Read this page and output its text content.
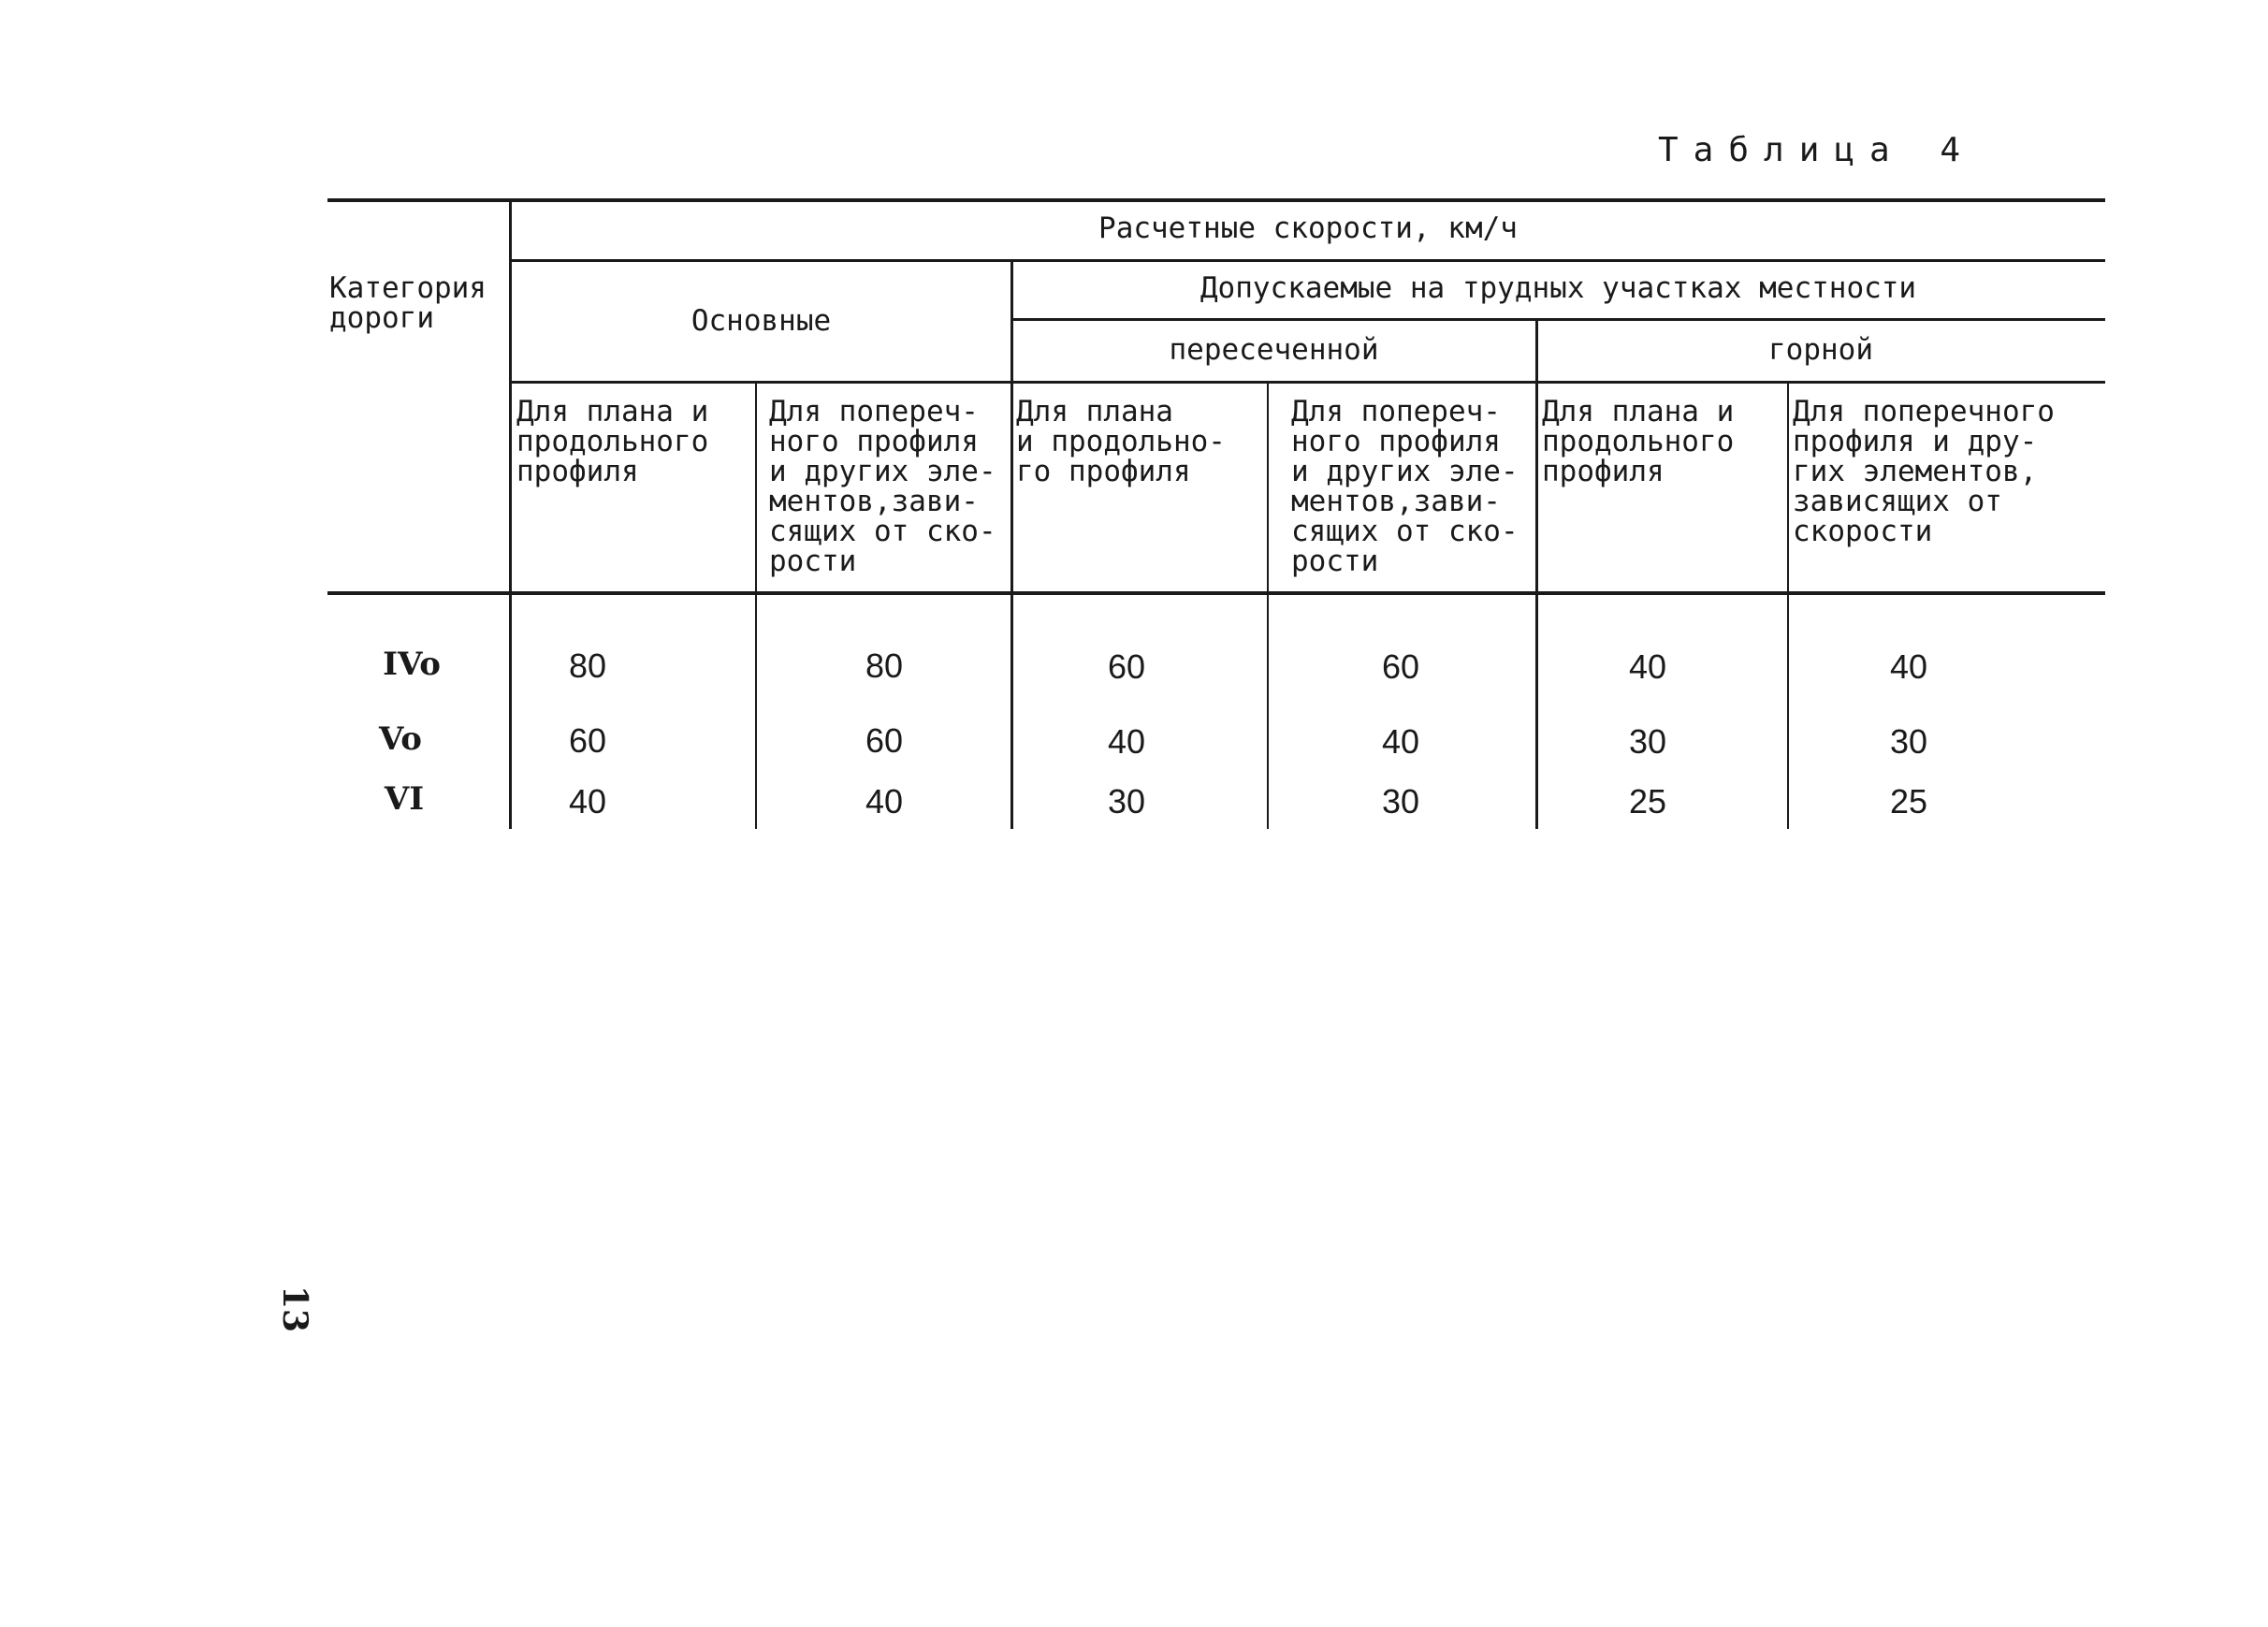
Таблица 4
Категория
дороги
Расчетные скорости, км/ч
Основные
Допускаемые на трудных участках местности
пересеченной	горной
Для плана и
продольного
профиля
Для попереч-
ного профиля
и других эле-
ментов,зави-
сящих от ско-
рости
Для плана
и продольно-
го профиля
Для попереч-
ного профиля
и других эле-
ментов,зави-
сящих от ско-
рости
Для плана и
продольного
профиля
Для поперечного
профиля и дру-
гих элементов,
зависящих от
скорости
IVo	80	80	60	60	40	40
Vo	60	60	40	40	30	30
VI	40	40	30	30	25	25
13
